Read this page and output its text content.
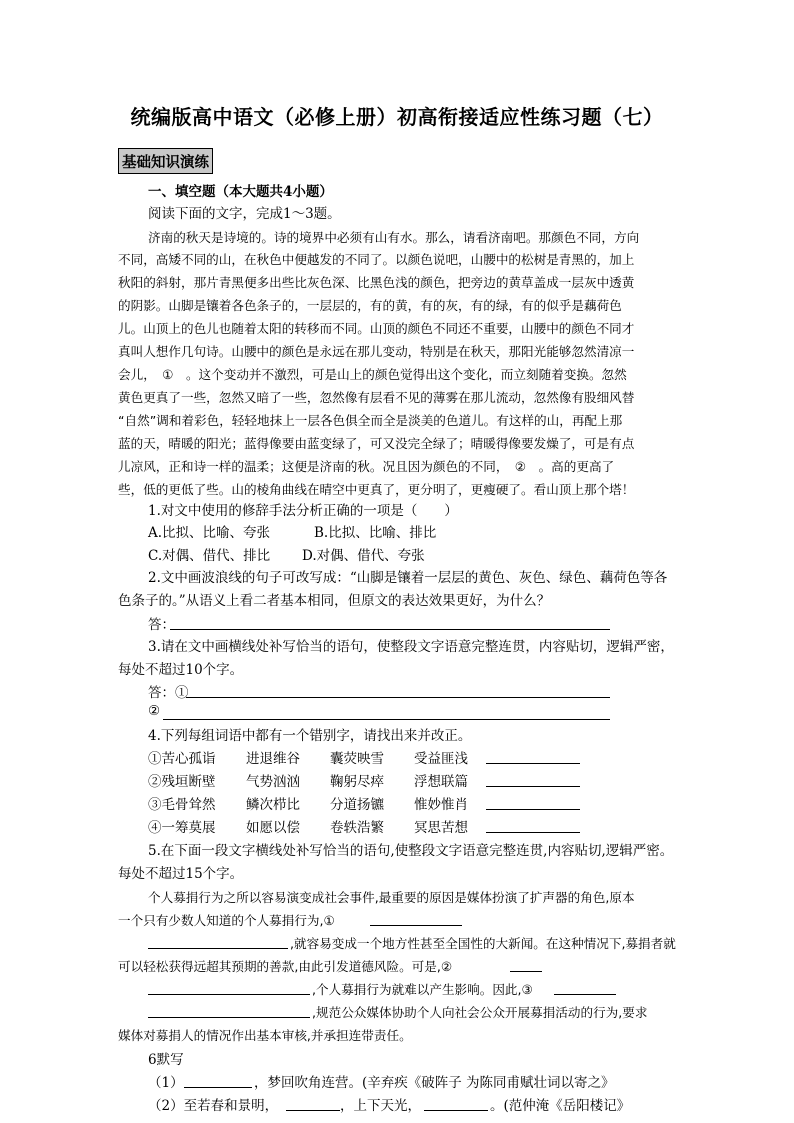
统编版高中语文（必修上册）初高衔接适应性练习题（七）
基础知识演练
一、填空题（本大题共4小题）
阅读下面的文字，完成1～3题。
济南的秋天是诗境的。诗的境界中必须有山有水。那么，请看济南吧。那颜色不同，方向
不同，高矮不同的山，在秋色中便越发的不同了。以颜色说吧，山腰中的松树是青黑的，加上
秋阳的斜射，那片青黑便多出些比灰色深、比黑色浅的颜色，把旁边的黄草盖成一层灰中透黄
的阴影。山脚是镶着各色条子的，一层层的，有的黄，有的灰，有的绿，有的似乎是藕荷色
儿。山顶上的色儿也随着太阳的转移而不同。山顶的颜色不同还不重要，山腰中的颜色不同才
真叫人想作几句诗。山腰中的颜色是永远在那儿变动，特别是在秋天，那阳光能够忽然清凉一
会儿，　①　。这个变动并不激烈，可是山上的颜色觉得出这个变化，而立刻随着变换。忽然
黄色更真了一些，忽然又暗了一些，忽然像有层看不见的薄雾在那儿流动，忽然像有股细风替
“自然”调和着彩色，轻轻地抹上一层各色俱全而全是淡美的色道儿。有这样的山，再配上那
蓝的天，晴暖的阳光；蓝得像要由蓝变绿了，可又没完全绿了；晴暖得像要发燥了，可是有点
儿凉风，正和诗一样的温柔；这便是济南的秋。况且因为颜色的不同，　②　。高的更高了
些，低的更低了些。山的棱角曲线在晴空中更真了，更分明了，更瘦硬了。看山顶上那个塔！
1.对文中使用的修辞手法分析正确的一项是（　　）
A.比拟、比喻、夸张	B.比拟、比喻、排比
C.对偶、借代、排比 D.对偶、借代、夸张
2.文中画波浪线的句子可改写成：“山脚是镶着一层层的黄色、灰色、绿色、藕荷色等各
色条子的。”从语义上看二者基本相同，但原文的表达效果更好，为什么？
答：
3.请在文中画横线处补写恰当的语句，使整段文字语意完整连贯，内容贴切，逻辑严密，
每处不超过10个字。
答：①
②
4.下列每组词语中都有一个错别字，请找出来并改正。
①苦心孤诣 进退维谷 囊荧映雪 受益匪浅
②残垣断壁 气势汹汹 鞠躬尽瘁 浮想联篇
③毛骨耸然 鳞次栉比 分道扬镳 惟妙惟肖
④一筹莫展 如愿以偿 卷轶浩繁 冥思苦想
5.在下面一段文字横线处补写恰当的语句,使整段文字语意完整连贯,内容贴切,逻辑严密。
每处不超过15个字。
个人募捐行为之所以容易演变成社会事件,最重要的原因是媒体扮演了扩声器的角色,原本
一个只有少数人知道的个人募捐行为,①
,就容易变成一个地方性甚至全国性的大新闻。在这种情况下,募捐者就
可以轻松获得远超其预期的善款,由此引发道德风险。可是,②
,个人募捐行为就难以产生影响。因此,③
,规范公众媒体协助个人向社会公众开展募捐活动的行为,要求
媒体对募捐人的情况作出基本审核,并承担连带责任。
6默写
（1）	，梦回吹角连营。(辛弃疾《破阵子 为陈同甫赋壮词以寄之》
（2）至若春和景明，	，上下天光，	。(范仲淹《岳阳楼记》
